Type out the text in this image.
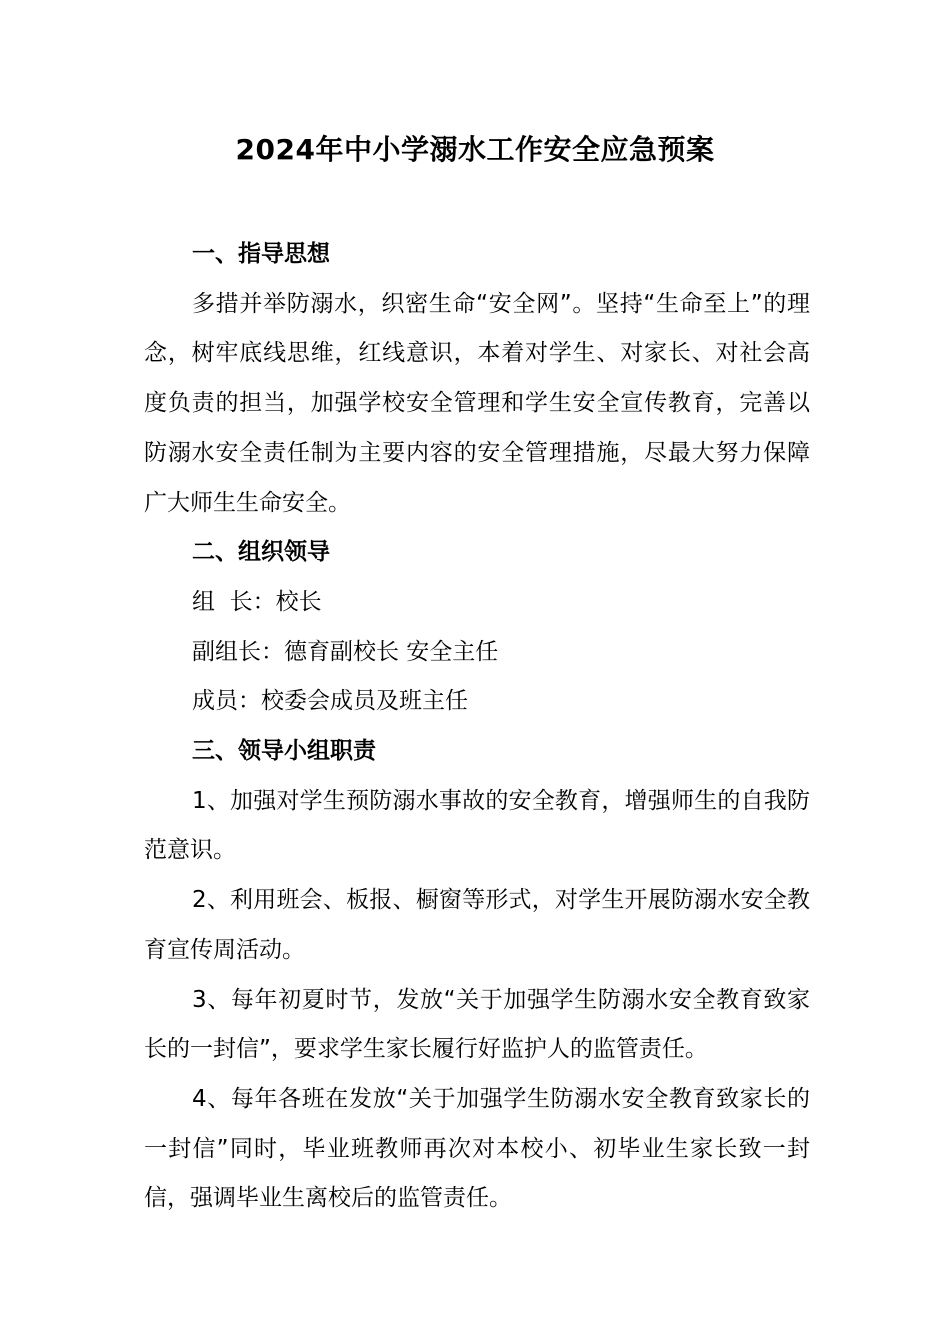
2024年中小学溺水工作安全应急预案

一、指导思想

多措并举防溺水，织密生命“安全网”。坚持“生命至上”的理念，树牢底线思维，红线意识，本着对学生、对家长、对社会高度负责的担当，加强学校安全管理和学生安全宣传教育，完善以防溺水安全责任制为主要内容的安全管理措施，尽最大努力保障广大师生生命安全。

二、组织领导

组  长：校长

副组长：德育副校长 安全主任

成员：校委会成员及班主任

三、领导小组职责

1、加强对学生预防溺水事故的安全教育，增强师生的自我防范意识。

2、利用班会、板报、橱窗等形式，对学生开展防溺水安全教育宣传周活动。

3、每年初夏时节，发放“关于加强学生防溺水安全教育致家长的一封信”，要求学生家长履行好监护人的监管责任。

4、每年各班在发放“关于加强学生防溺水安全教育致家长的一封信”同时，毕业班教师再次对本校小、初毕业生家长致一封信，强调毕业生离校后的监管责任。
